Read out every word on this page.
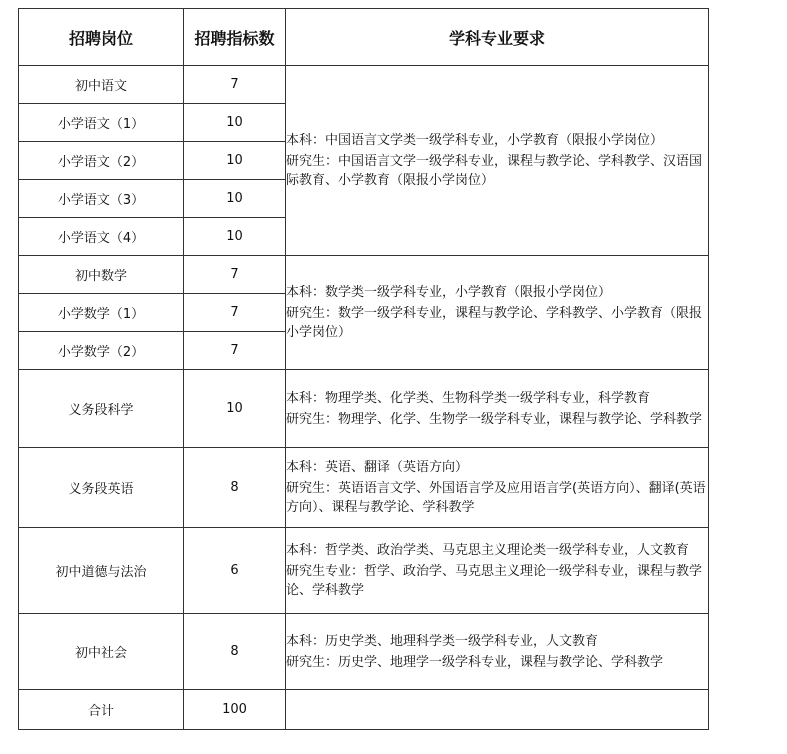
招聘岗位	招聘指标数	学科专业要求
初中语文	7	本科：中国语言文学类一级学科专业，小学教育（限报小学岗位）

研究生：中国语言文学一级学科专业，课程与教学论、学科教学、汉语国际教育、小学教育（限报小学岗位）

小学语文（1）	10	
小学语文（2）	10	
小学语文（3）	10	
小学语文（4）	10	
初中数学	7	本科：数学类一级学科专业，小学教育（限报小学岗位）

研究生：数学一级学科专业，课程与教学论、学科教学、小学教育（限报小学岗位）

小学数学（1）	7	
小学数学（2）	7	
义务段科学	10	本科：物理学类、化学类、生物科学类一级学科专业，科学教育

研究生：物理学、化学、生物学一级学科专业，课程与教学论、学科教学

义务段英语	8	本科：英语、翻译（英语方向）

研究生：英语语言文学、外国语言学及应用语言学(英语方向）、翻译(英语方向）、课程与教学论、学科教学

初中道德与法治	6	本科：哲学类、政治学类、马克思主义理论类一级学科专业，人文教育

研究生专业：哲学、政治学、马克思主义理论一级学科专业，课程与教学论、学科教学

初中社会	8	本科：历史学类、地理科学类一级学科专业，人文教育

研究生：历史学、地理学一级学科专业，课程与教学论、学科教学

合计	100	
